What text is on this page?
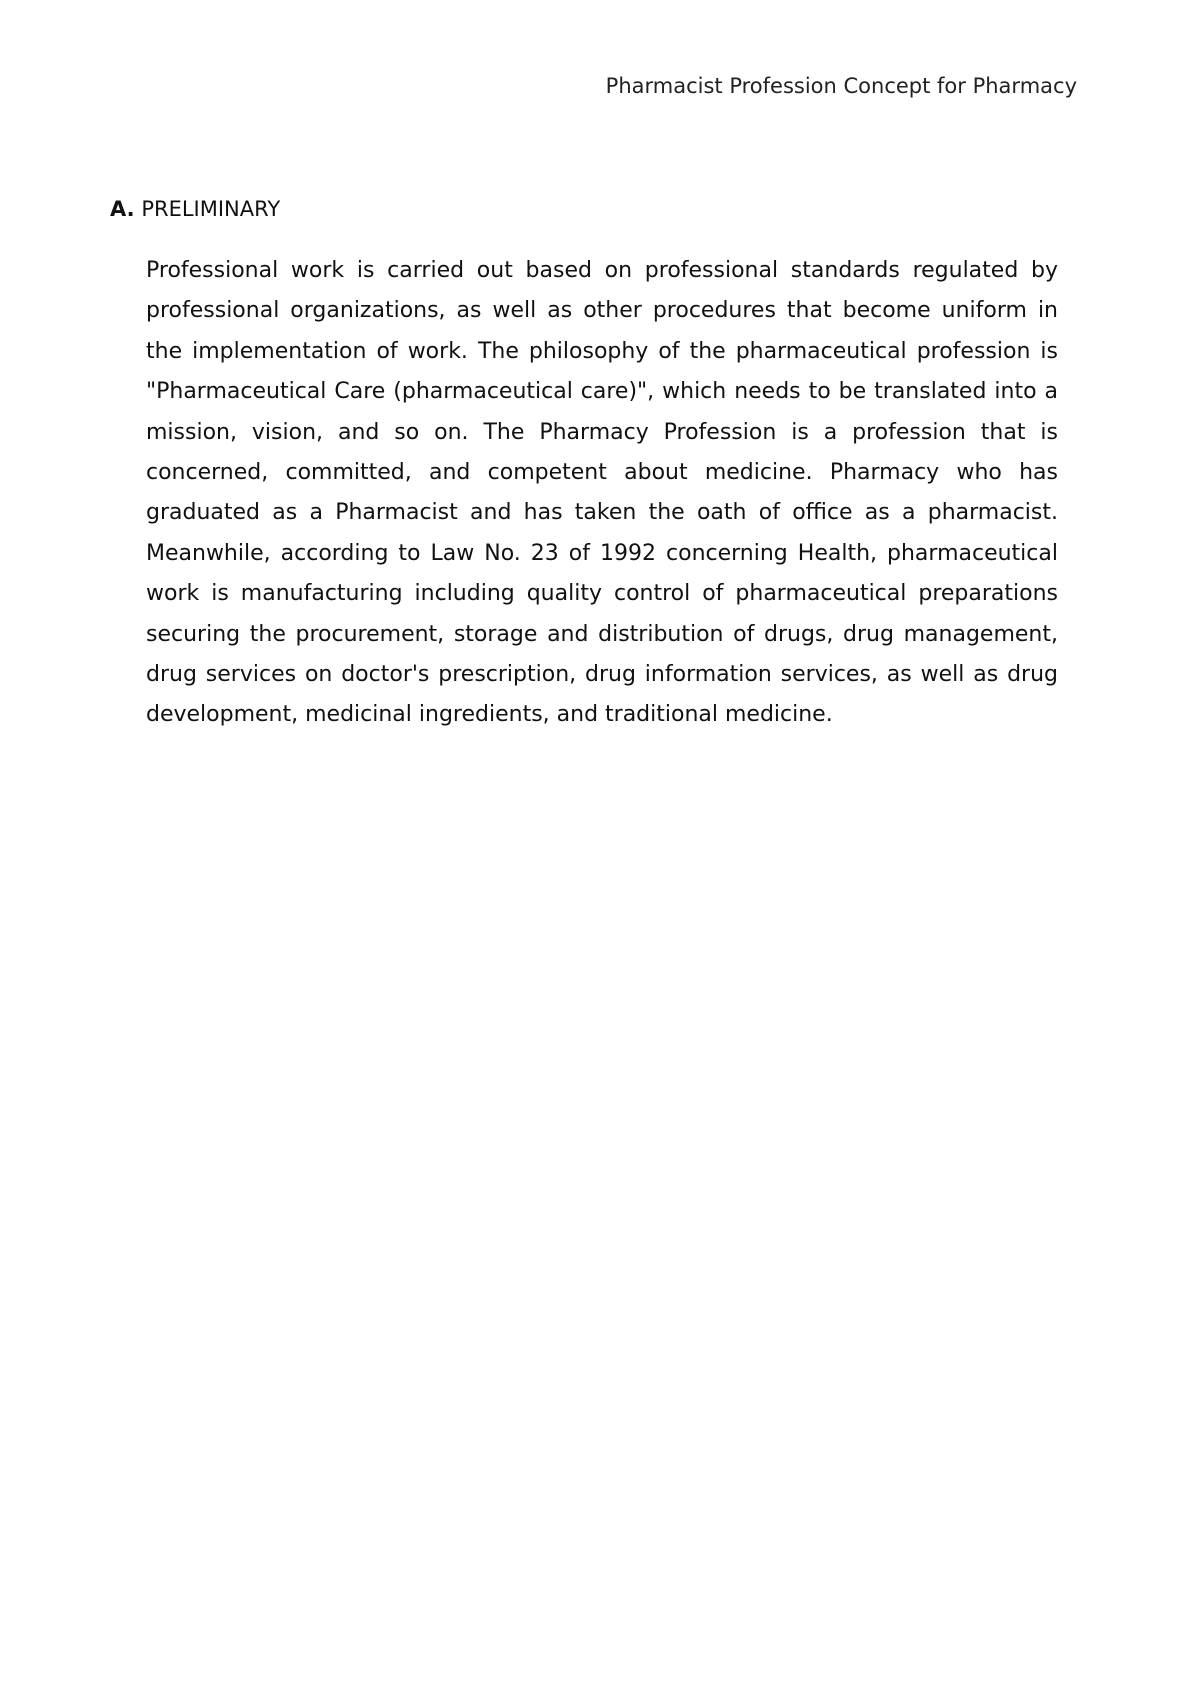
Pharmacist Profession Concept for Pharmacy
A. PRELIMINARY

Professional work is carried out based on professional standards regulated by professional organizations, as well as other procedures that become uniform in the implementation of work. The philosophy of the pharmaceutical profession is "Pharmaceutical Care (pharmaceutical care)", which needs to be translated into a mission, vision, and so on. The Pharmacy Profession is a profession that is concerned, committed, and competent about medicine. Pharmacy who has graduated as a Pharmacist and has taken the oath of office as a pharmacist. Meanwhile, according to Law No. 23 of 1992 concerning Health, pharmaceutical work is manufacturing including quality control of pharmaceutical preparations securing the procurement, storage and distribution of drugs, drug management, drug services on doctor's prescription, drug information services, as well as drug development, medicinal ingredients, and traditional medicine.
